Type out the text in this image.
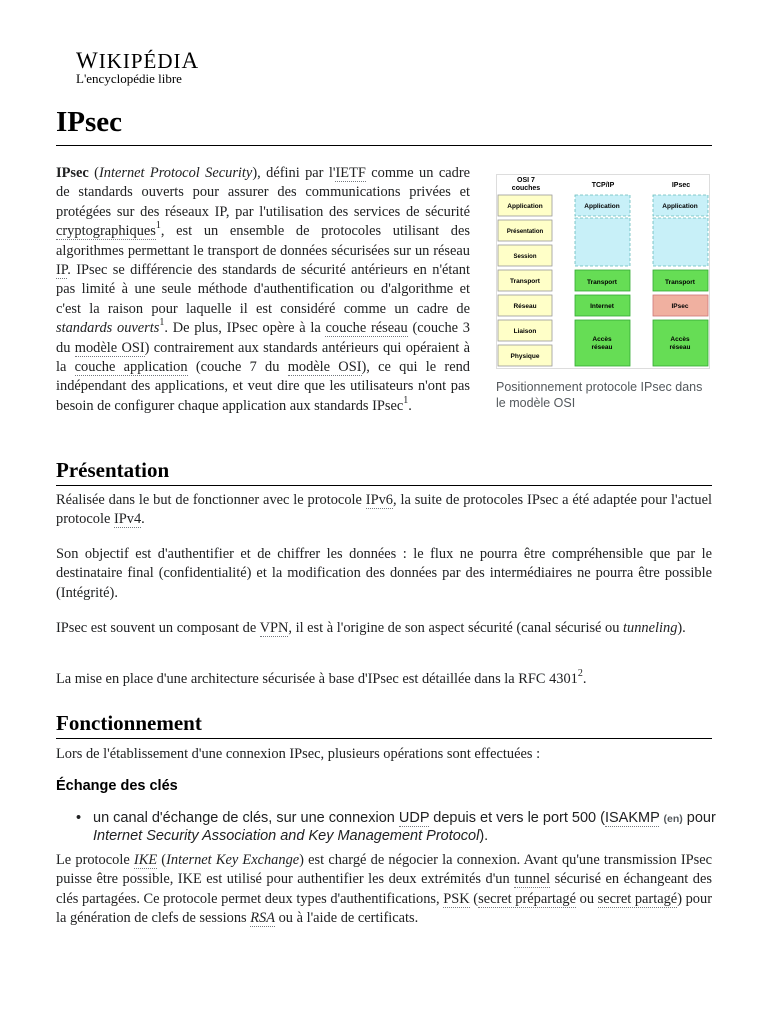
WIKIPÉDIA
L'encyclopédie libre
IPsec

IPsec (Internet Protocol Security), défini par l'IETF comme un cadre de standards ouverts pour assurer des communications privées et protégées sur des réseaux IP, par l'utilisation des services de sécurité cryptographiques$^1$, est un ensemble de protocoles utilisant des algorithmes permettant le transport de données sécurisées sur un réseau IP. IPsec se différencie des standards de sécurité antérieurs en n'étant pas limité à une seule méthode d'authentification ou d'algorithme et c'est la raison pour laquelle il est considéré comme un cadre de standards ouverts$^1$. De plus, IPsec opère à la couche réseau (couche 3 du modèle OSI) contrairement aux standards antérieurs qui opéraient à la couche application (couche 7 du modèle OSI), ce qui le rend indépendant des applications, et veut dire que les utilisateurs n'ont pas besoin de configurer chaque application aux standards IPsec$^1$.

OSI 7
couches	TCP/IP	IPsec
Application
Présentation
Session
Transport
Réseau
Liaison
Physique
Application
Transport
Internet
Accès réseau
Application
Transport
IPsec
Accès réseau
Positionnement protocole IPsec dans le modèle OSI
Présentation

Réalisée dans le but de fonctionner avec le protocole IPv6, la suite de protocoles IPsec a été adaptée pour l'actuel protocole IPv4.

Son objectif est d'authentifier et de chiffrer les données : le flux ne pourra être compréhensible que par le destinataire final (confidentialité) et la modification des données par des intermédiaires ne pourra être possible (Intégrité).

IPsec est souvent un composant de VPN, il est à l'origine de son aspect sécurité (canal sécurisé ou tunneling).

La mise en place d'une architecture sécurisée à base d'IPsec est détaillée dans la RFC 4301$^2$.

Fonctionnement

Lors de l'établissement d'une connexion IPsec, plusieurs opérations sont effectuées :

Échange des clés
• un canal d'échange de clés, sur une connexion UDP depuis et vers le port 500 (ISAKMP (en) pour Internet Security Association and Key Management Protocol).

Le protocole IKE (Internet Key Exchange) est chargé de négocier la connexion. Avant qu'une transmission IPsec puisse être possible, IKE est utilisé pour authentifier les deux extrémités d'un tunnel sécurisé en échangeant des clés partagées. Ce protocole permet deux types d'authentifications, PSK (secret prépartagé ou secret partagé) pour la génération de clefs de sessions RSA ou à l'aide de certificats.
